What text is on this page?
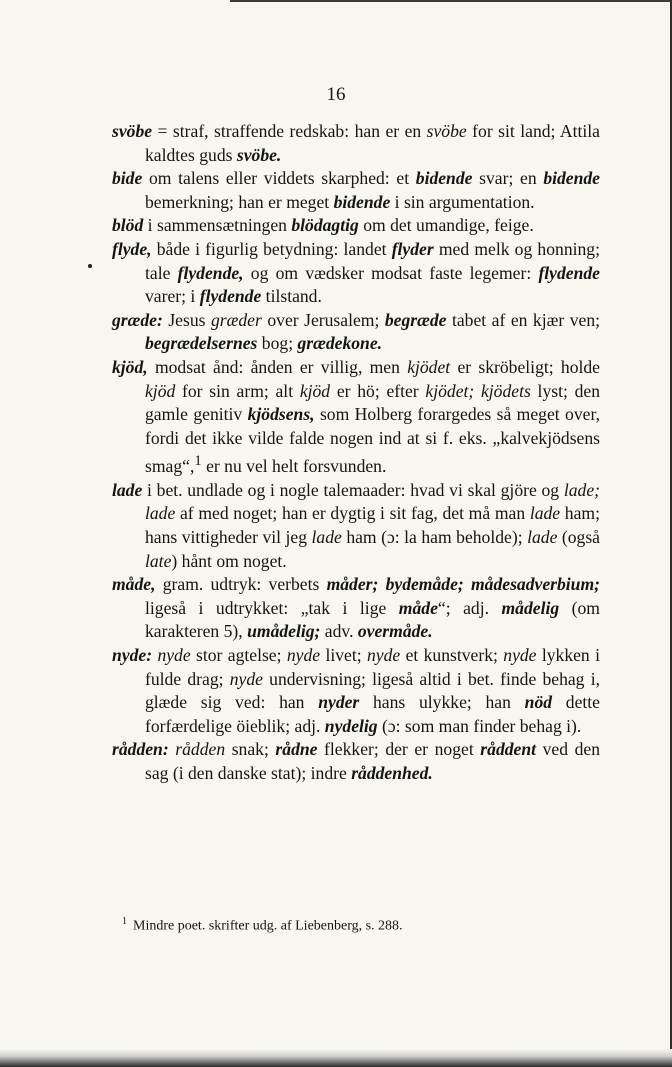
16

svöbe = straf, straffende redskab: han er en svöbe for sit land; Attila kaldtes guds svöbe.

bide om talens eller viddets skarphed: et bidende svar; en bidende bemerkning; han er meget bidende i sin argumentation.

blöd i sammensætningen blödagtig om det umandige, feige.

flyde, både i figurlig betydning: landet flyder med melk og honning; tale flydende, og om vædsker modsat faste legemer: flydende varer; i flydende tilstand.

græde: Jesus græder over Jerusalem; begræde tabet af en kjær ven; begrædelsernes bog; grædekone.

kjöd, modsat ånd: ånden er villig, men kjödet er skröbeligt; holde kjöd for sin arm; alt kjöd er hö; efter kjödet; kjödets lyst; den gamle genitiv kjödsens, som Holberg forargedes så meget over, fordi det ikke vilde falde nogen ind at si f. eks. „kalvekjödsens smag“,$^1$ er nu vel helt forsvunden.

lade i bet. undlade og i nogle talemaader: hvad vi skal gjöre og lade; lade af med noget; han er dygtig i sit fag, det må man lade ham; hans vittigheder vil jeg lade ham (ɔ: la ham beholde); lade (også late) hånt om noget.

måde, gram. udtryk: verbets måder; bydemåde; mådesadverbium; ligeså i udtrykket: „tak i lige måde“; adj. mådelig (om karakteren 5), umådelig; adv. overmåde.

nyde: nyde stor agtelse; nyde livet; nyde et kunstverk; nyde lykken i fulde drag; nyde undervisning; ligeså altid i bet. finde behag i, glæde sig ved: han nyder hans ulykke; han nöd dette forfærdelige öieblik; adj. nydelig (ɔ: som man finder behag i).

rådden: rådden snak; rådne flekker; der er noget råddent ved den sag (i den danske stat); indre råddenhed.

$^1$ Mindre poet. skrifter udg. af Liebenberg, s. 288.
